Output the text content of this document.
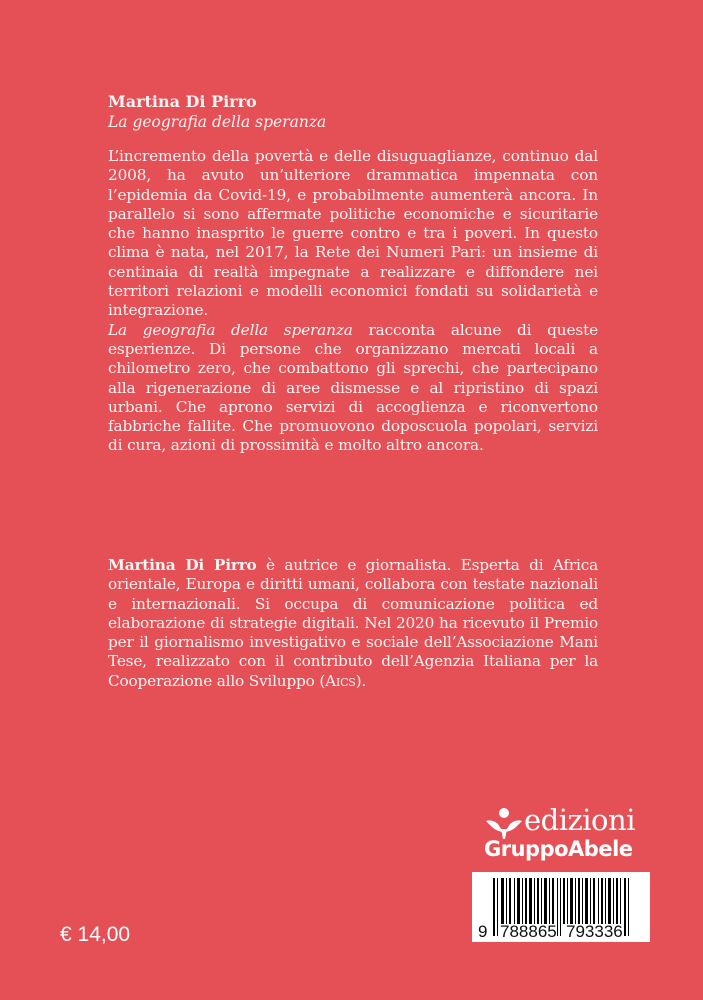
Martina Di Pirro
La geografia della speranza

L’incremento della povertà e delle disuguaglianze, continuo dal 2008, ha avuto un’ulteriore drammatica impennata con l’epidemia da Covid-19, e probabilmente aumenterà ancora. In parallelo si sono affermate politiche economiche e sicuritarie che hanno inasprito le guerre contro e tra i poveri. In questo clima è nata, nel 2017, la Rete dei Numeri Pari: un insieme di centinaia di realtà impegnate a realizzare e diffondere nei territori relazioni e modelli economici fondati su solidarietà e integrazione.

La geografia della speranza racconta alcune di queste esperienze. Di persone che organizzano mercati locali a chilometro zero, che combattono gli sprechi, che partecipano alla rigenerazione di aree dismesse e al ripristino di spazi urbani. Che aprono servizi di accoglienza e riconvertono fabbriche fallite. Che promuovono doposcuola popolari, servizi di cura, azioni di prossimità e molto altro ancora.

Martina Di Pirro è autrice e giornalista. Esperta di Africa orientale, Europa e diritti umani, collabora con testate nazionali e internazionali. Si occupa di comunicazione politica ed elaborazione di strategie digitali. Nel 2020 ha ricevuto il Premio per il giornalismo investigativo e sociale dell’Associazione Mani Tese, realizzato con il contributo dell’Agenzia Italiana per la Cooperazione allo Sviluppo (Aics).
edizioni
GruppoAbele
9 788865 793336
€ 14,00
